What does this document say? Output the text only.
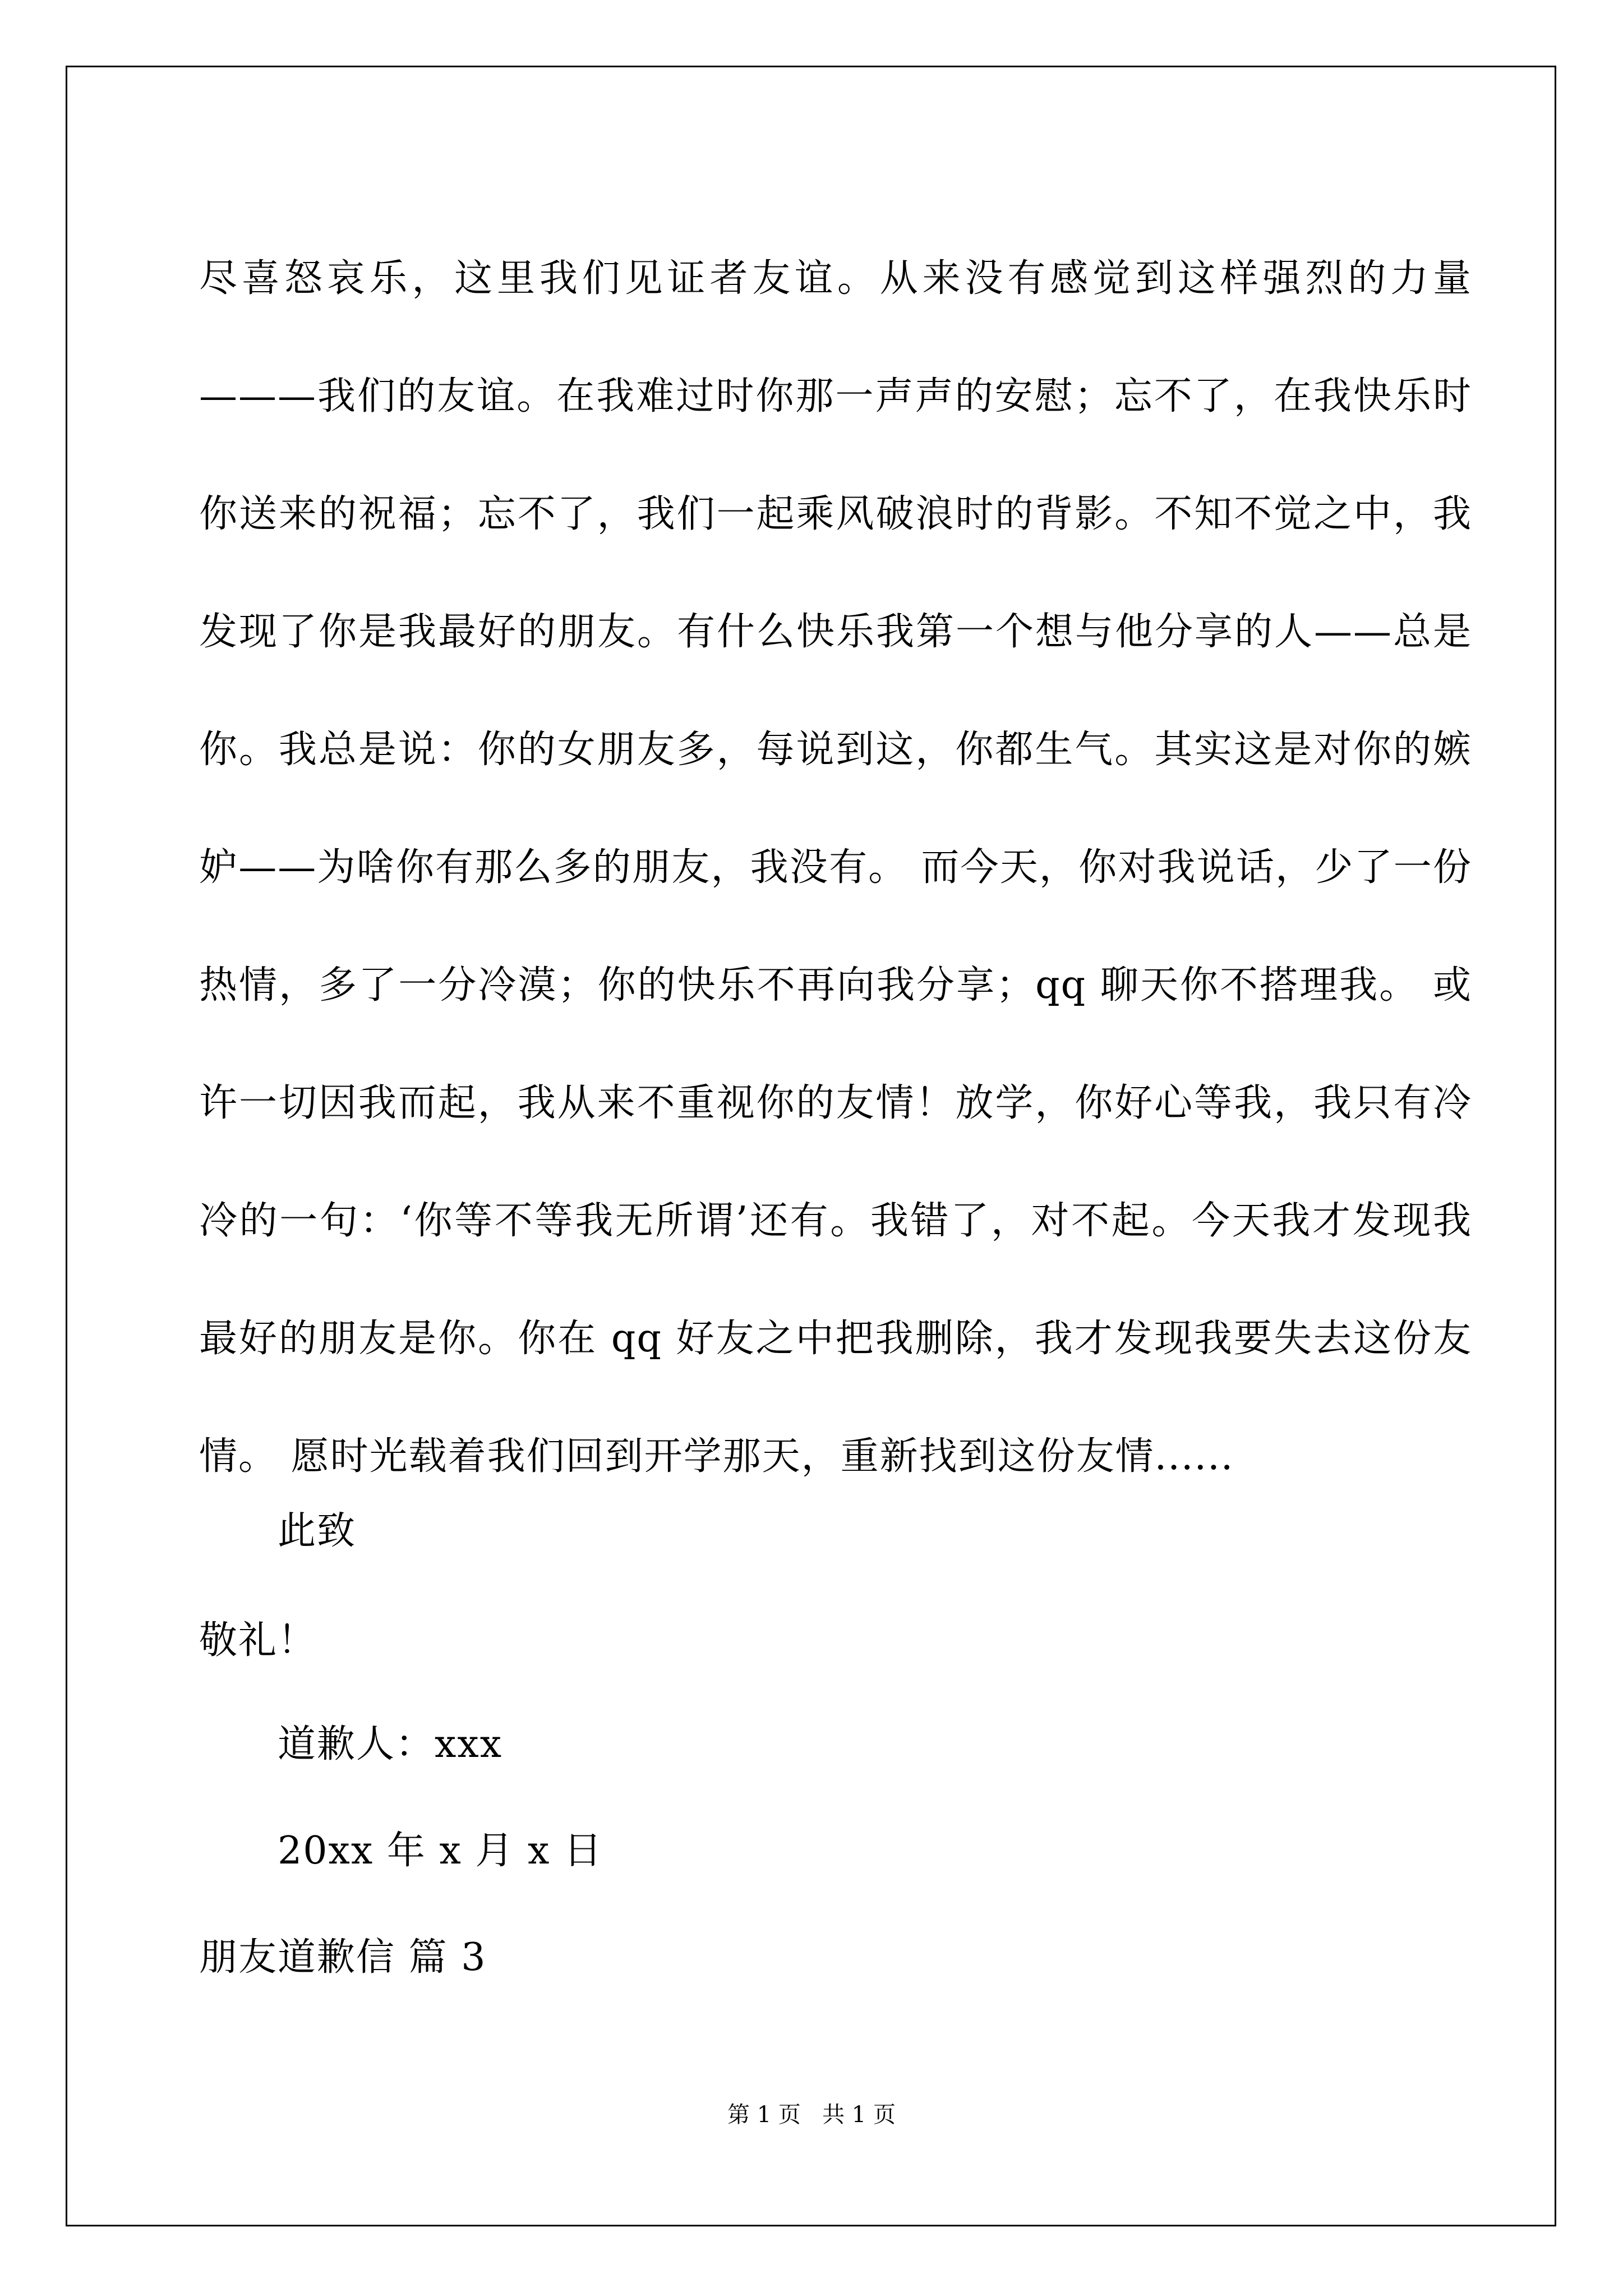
尽喜怒哀乐，这里我们见证者友谊。从来没有感觉到这样强烈的力量———我们的友谊。在我难过时你那一声声的安慰；忘不了，在我快乐时你送来的祝福；忘不了，我们一起乘风破浪时的背影。不知不觉之中，我发现了你是我最好的朋友。有什么快乐我第一个想与他分享的人——总是你。我总是说：你的女朋友多，每说到这，你都生气。其实这是对你的嫉妒——为啥你有那么多的朋友，我没有。 而今天，你对我说话，少了一份热情，多了一分冷漠；你的快乐不再向我分享；qq 聊天你不搭理我。 或许一切因我而起，我从来不重视你的友情！放学，你好心等我，我只有冷冷的一句：‘你等不等我无所谓’还有。我错了，对不起。今天我才发现我最好的朋友是你。你在 qq 好友之中把我删除，我才发现我要失去这份友情。 愿时光载着我们回到开学那天，重新找到这份友情......

此致

敬礼！

道歉人：xxx

20xx 年 x 月 x 日

朋友道歉信 篇 3

第 1 页   共 1 页
